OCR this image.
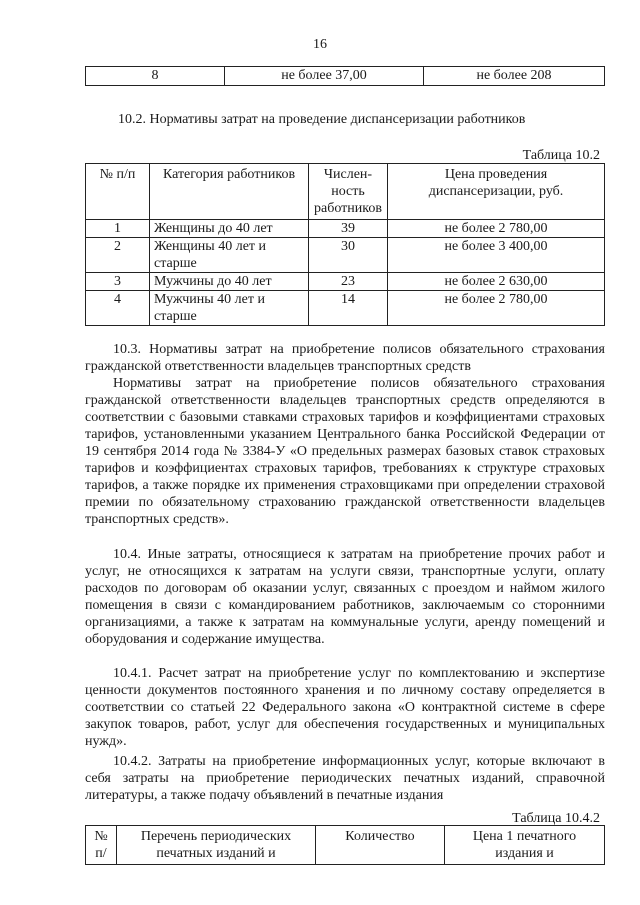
16
8	не более 37,00	не более 208
10.2. Нормативы затрат на проведение диспансеризации работников
Таблица 10.2
№ п/п	Категория работников	Числен-ность работников	Цена проведения диспансеризации, руб.
1	Женщины до 40 лет	39	не более 2 780,00
2	Женщины 40 лет и старше	30	не более 3 400,00
3	Мужчины до 40 лет	23	не более 2 630,00
4	Мужчины 40 лет и старше	14	не более 2 780,00
10.3. Нормативы затрат на приобретение полисов обязательного страхования гражданской ответственности владельцев транспортных средств
Нормативы затрат на приобретение полисов обязательного страхования гражданской ответственности владельцев транспортных средств определяются в соответствии с базовыми ставками страховых тарифов и коэффициентами страховых тарифов, установленными указанием Центрального банка Российской Федерации от 19 сентября 2014 года № 3384-У «О предельных размерах базовых ставок страховых тарифов и коэффициентах страховых тарифов, требованиях к структуре страховых тарифов, а также порядке их применения страховщиками при определении страховой премии по обязательному страхованию гражданской ответственности владельцев транспортных средств».
10.4. Иные затраты, относящиеся к затратам на приобретение прочих работ и услуг, не относящихся к затратам на услуги связи, транспортные услуги, оплату расходов по договорам об оказании услуг, связанных с проездом и наймом жилого помещения в связи с командированием работников, заключаемым со сторонними организациями, а также к затратам на коммунальные услуги, аренду помещений и оборудования и содержание имущества.
10.4.1. Расчет затрат на приобретение услуг по комплектованию и экспертизе ценности документов постоянного хранения и по личному составу определяется в соответствии со статьей 22 Федерального закона «О контрактной системе в сфере закупок товаров, работ, услуг для обеспечения государственных и муниципальных нужд».
10.4.2. Затраты на приобретение информационных услуг, которые включают в себя затраты на приобретение периодических печатных изданий, справочной литературы, а также подачу объявлений в печатные издания
Таблица 10.4.2
№ п/	Перечень периодических печатных изданий и	Количество	Цена 1 печатного издания и
